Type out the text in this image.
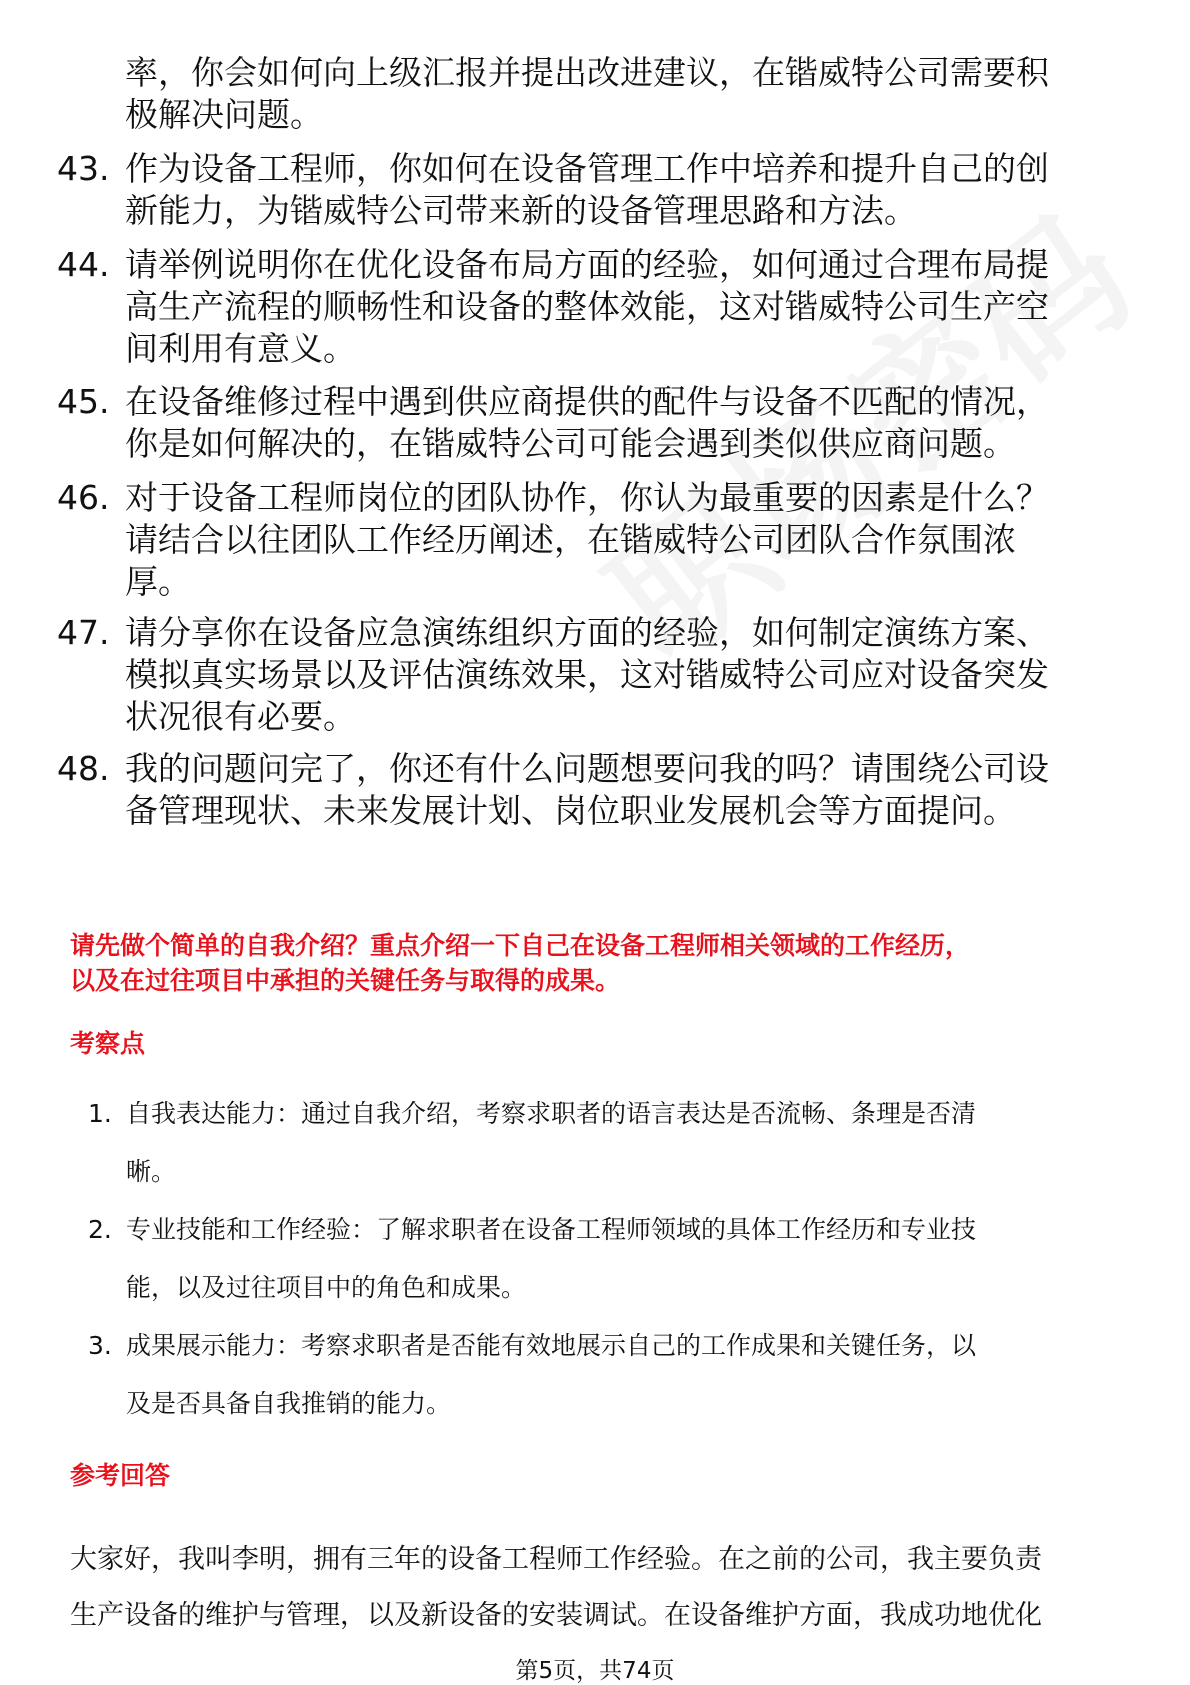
率，你会如何向上级汇报并提出改进建议，在锴威特公司需要积
极解决问题。
43. 作为设备工程师，你如何在设备管理工作中培养和提升自己的创
新能力，为锴威特公司带来新的设备管理思路和方法。
44. 请举例说明你在优化设备布局方面的经验，如何通过合理布局提
高生产流程的顺畅性和设备的整体效能，这对锴威特公司生产空
间利用有意义。
45. 在设备维修过程中遇到供应商提供的配件与设备不匹配的情况，
你是如何解决的，在锴威特公司可能会遇到类似供应商问题。
46. 对于设备工程师岗位的团队协作，你认为最重要的因素是什么？
请结合以往团队工作经历阐述，在锴威特公司团队合作氛围浓
厚。
47. 请分享你在设备应急演练组织方面的经验，如何制定演练方案、
模拟真实场景以及评估演练效果，这对锴威特公司应对设备突发
状况很有必要。
48. 我的问题问完了，你还有什么问题想要问我的吗？请围绕公司设
备管理现状、未来发展计划、岗位职业发展机会等方面提问。
请先做个简单的自我介绍？重点介绍一下自己在设备工程师相关领域的工作经历，
以及在过往项目中承担的关键任务与取得的成果。
考察点
1. 自我表达能力：通过自我介绍，考察求职者的语言表达是否流畅、条理是否清
晰。
2. 专业技能和工作经验：了解求职者在设备工程师领域的具体工作经历和专业技
能，以及过往项目中的角色和成果。
3. 成果展示能力：考察求职者是否能有效地展示自己的工作成果和关键任务，以
及是否具备自我推销的能力。
参考回答
大家好，我叫李明，拥有三年的设备工程师工作经验。在之前的公司，我主要负责
生产设备的维护与管理，以及新设备的安装调试。在设备维护方面，我成功地优化
第5页，共74页
